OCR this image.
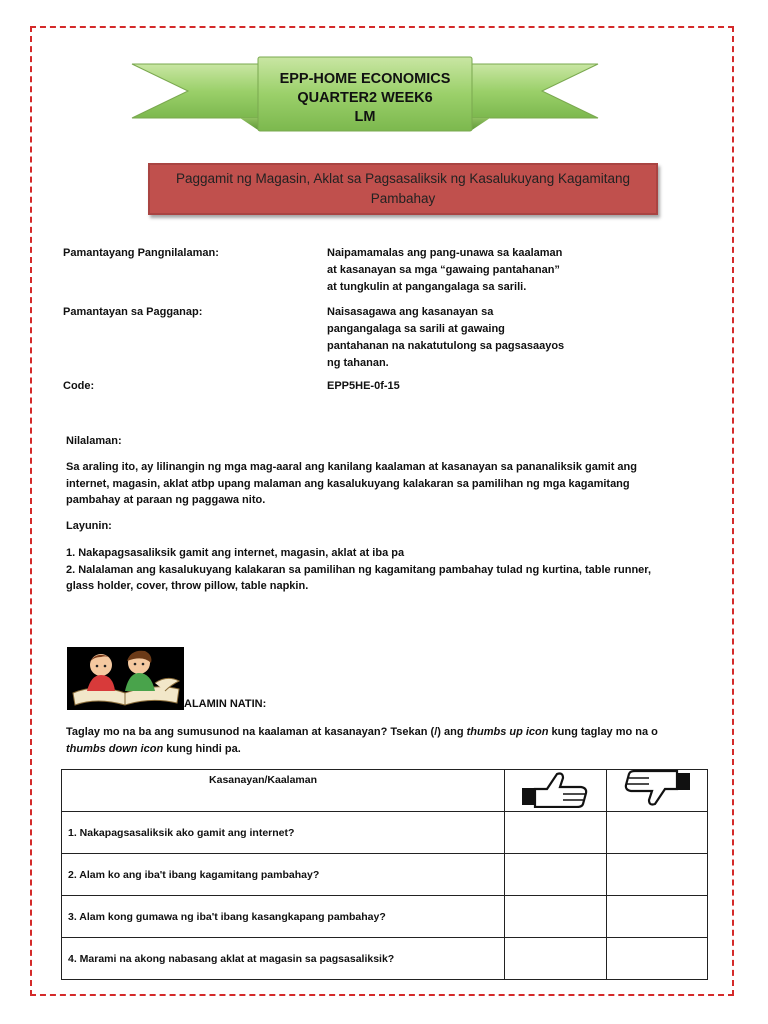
EPP-HOME ECONOMICS
QUARTER2 WEEK6
LM
Paggamit ng Magasin, Aklat sa Pagsasaliksik ng Kasalukuyang Kagamitang
Pambahay
Pamantayang Pangnilalaman:	Naipamamalas ang pang-unawa sa kaalaman
at kasanayan sa mga “gawaing pantahanan”
at tungkulin at pangangalaga sa sarili.
Pamantayan sa Pagganap:	Naisasagawa ang kasanayan sa
pangangalaga sa sarili at gawaing
pantahanan na nakatutulong sa pagsasaayos
ng tahanan.
Code:	EPP5HE-0f-15
Nilalaman:
Sa araling ito, ay lilinangin ng mga mag-aaral ang kanilang kaalaman at kasanayan sa pananaliksik gamit ang
internet, magasin, aklat atbp upang malaman ang kasalukuyang kalakaran sa pamilihan ng mga kagamitang
pambahay at paraan ng paggawa nito.
Layunin:
1. Nakapagsasaliksik gamit ang internet, magasin, aklat at iba pa
2. Nalalaman ang kasalukuyang kalakaran sa pamilihan ng kagamitang pambahay tulad ng kurtina, table runner,
glass holder, cover, throw pillow, table napkin.
ALAMIN NATIN:
Taglay mo na ba ang sumusunod na kaalaman at kasanayan? Tsekan (/) ang thumbs up icon kung taglay mo na o
thumbs down icon kung hindi pa.
Kasanayan/Kaalaman

1. Nakapagsasaliksik ako gamit ang internet?		
2. Alam ko ang iba't ibang kagamitang pambahay?		
3. Alam kong gumawa ng iba't ibang kasangkapang pambahay?		
4. Marami na akong nabasang aklat at magasin sa pagsasaliksik?		
